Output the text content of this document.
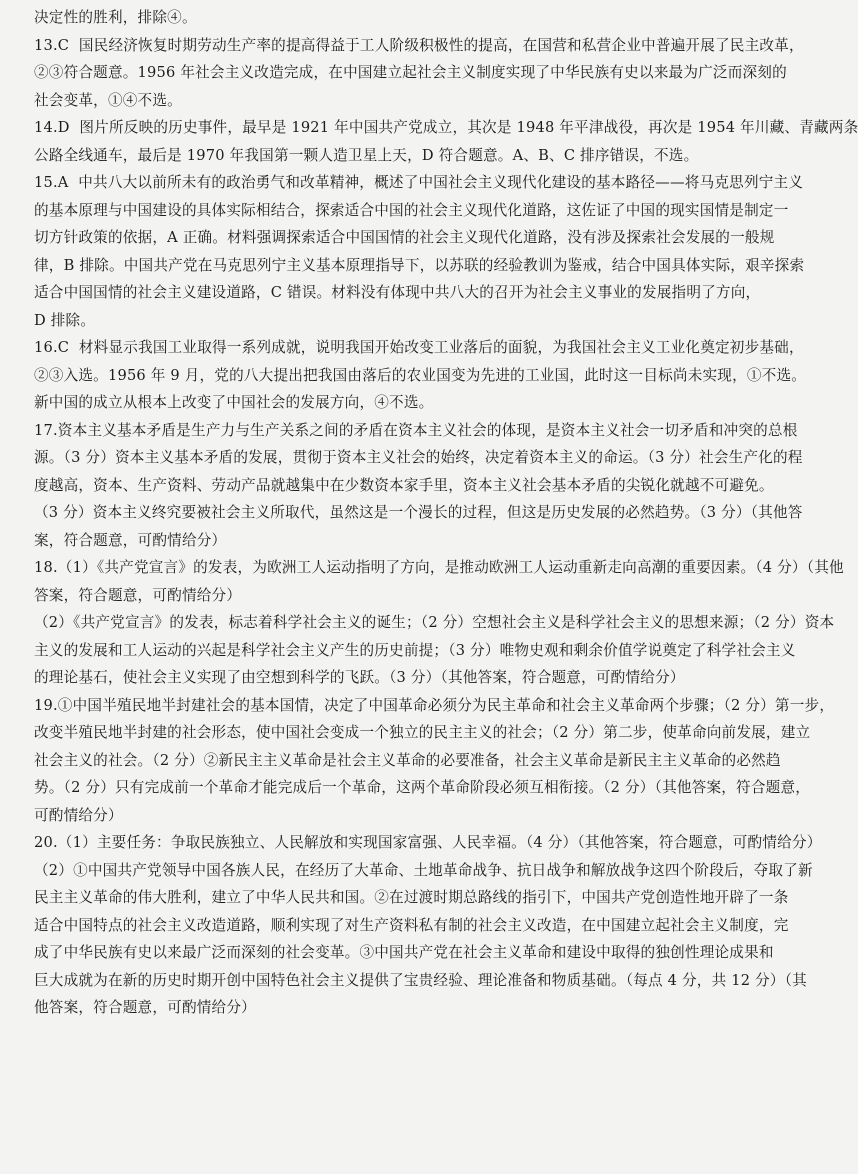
决定性的胜利，排除④。
13.C  国民经济恢复时期劳动生产率的提高得益于工人阶级积极性的提高，在国营和私营企业中普遍开展了民主改革，
②③符合题意。1956 年社会主义改造完成，在中国建立起社会主义制度实现了中华民族有史以来最为广泛而深刻的
社会变革，①④不选。
14.D  图片所反映的历史事件，最早是 1921 年中国共产党成立，其次是 1948 年平津战役，再次是 1954 年川藏、青藏两条
公路全线通车，最后是 1970 年我国第一颗人造卫星上天，D 符合题意。A、B、C 排序错误，不选。
15.A  中共八大以前所未有的政治勇气和改革精神，概述了中国社会主义现代化建设的基本路径——将马克思列宁主义
的基本原理与中国建设的具体实际相结合，探索适合中国的社会主义现代化道路，这佐证了中国的现实国情是制定一
切方针政策的依据，A 正确。材料强调探索适合中国国情的社会主义现代化道路，没有涉及探索社会发展的一般规
律，B 排除。中国共产党在马克思列宁主义基本原理指导下，以苏联的经验教训为鉴戒，结合中国具体实际，艰辛探索
适合中国国情的社会主义建设道路，C 错误。材料没有体现中共八大的召开为社会主义事业的发展指明了方向，
D 排除。
16.C  材料显示我国工业取得一系列成就，说明我国开始改变工业落后的面貌，为我国社会主义工业化奠定初步基础，
②③入选。1956 年 9 月，党的八大提出把我国由落后的农业国变为先进的工业国，此时这一目标尚未实现，①不选。
新中国的成立从根本上改变了中国社会的发展方向，④不选。
17.资本主义基本矛盾是生产力与生产关系之间的矛盾在资本主义社会的体现，是资本主义社会一切矛盾和冲突的总根
源。（3 分）资本主义基本矛盾的发展，贯彻于资本主义社会的始终，决定着资本主义的命运。（3 分）社会生产化的程
度越高，资本、生产资料、劳动产品就越集中在少数资本家手里，资本主义社会基本矛盾的尖锐化就越不可避免。
（3 分）资本主义终究要被社会主义所取代，虽然这是一个漫长的过程，但这是历史发展的必然趋势。（3 分）（其他答
案，符合题意，可酌情给分）
18.（1）《共产党宣言》的发表，为欧洲工人运动指明了方向，是推动欧洲工人运动重新走向高潮的重要因素。（4 分）（其他
答案，符合题意，可酌情给分）
（2）《共产党宣言》的发表，标志着科学社会主义的诞生；（2 分）空想社会主义是科学社会主义的思想来源；（2 分）资本
主义的发展和工人运动的兴起是科学社会主义产生的历史前提；（3 分）唯物史观和剩余价值学说奠定了科学社会主义
的理论基石，使社会主义实现了由空想到科学的飞跃。（3 分）（其他答案，符合题意，可酌情给分）
19.①中国半殖民地半封建社会的基本国情，决定了中国革命必须分为民主革命和社会主义革命两个步骤；（2 分）第一步，
改变半殖民地半封建的社会形态，使中国社会变成一个独立的民主主义的社会；（2 分）第二步，使革命向前发展，建立
社会主义的社会。（2 分）②新民主主义革命是社会主义革命的必要准备，社会主义革命是新民主主义革命的必然趋
势。（2 分）只有完成前一个革命才能完成后一个革命，这两个革命阶段必须互相衔接。（2 分）（其他答案，符合题意，
可酌情给分）
20.（1）主要任务：争取民族独立、人民解放和实现国家富强、人民幸福。（4 分）（其他答案，符合题意，可酌情给分）
（2）①中国共产党领导中国各族人民，在经历了大革命、土地革命战争、抗日战争和解放战争这四个阶段后，夺取了新
民主主义革命的伟大胜利，建立了中华人民共和国。②在过渡时期总路线的指引下，中国共产党创造性地开辟了一条
适合中国特点的社会主义改造道路，顺利实现了对生产资料私有制的社会主义改造，在中国建立起社会主义制度，完
成了中华民族有史以来最广泛而深刻的社会变革。③中国共产党在社会主义革命和建设中取得的独创性理论成果和
巨大成就为在新的历史时期开创中国特色社会主义提供了宝贵经验、理论准备和物质基础。（每点 4 分，共 12 分）（其
他答案，符合题意，可酌情给分）
